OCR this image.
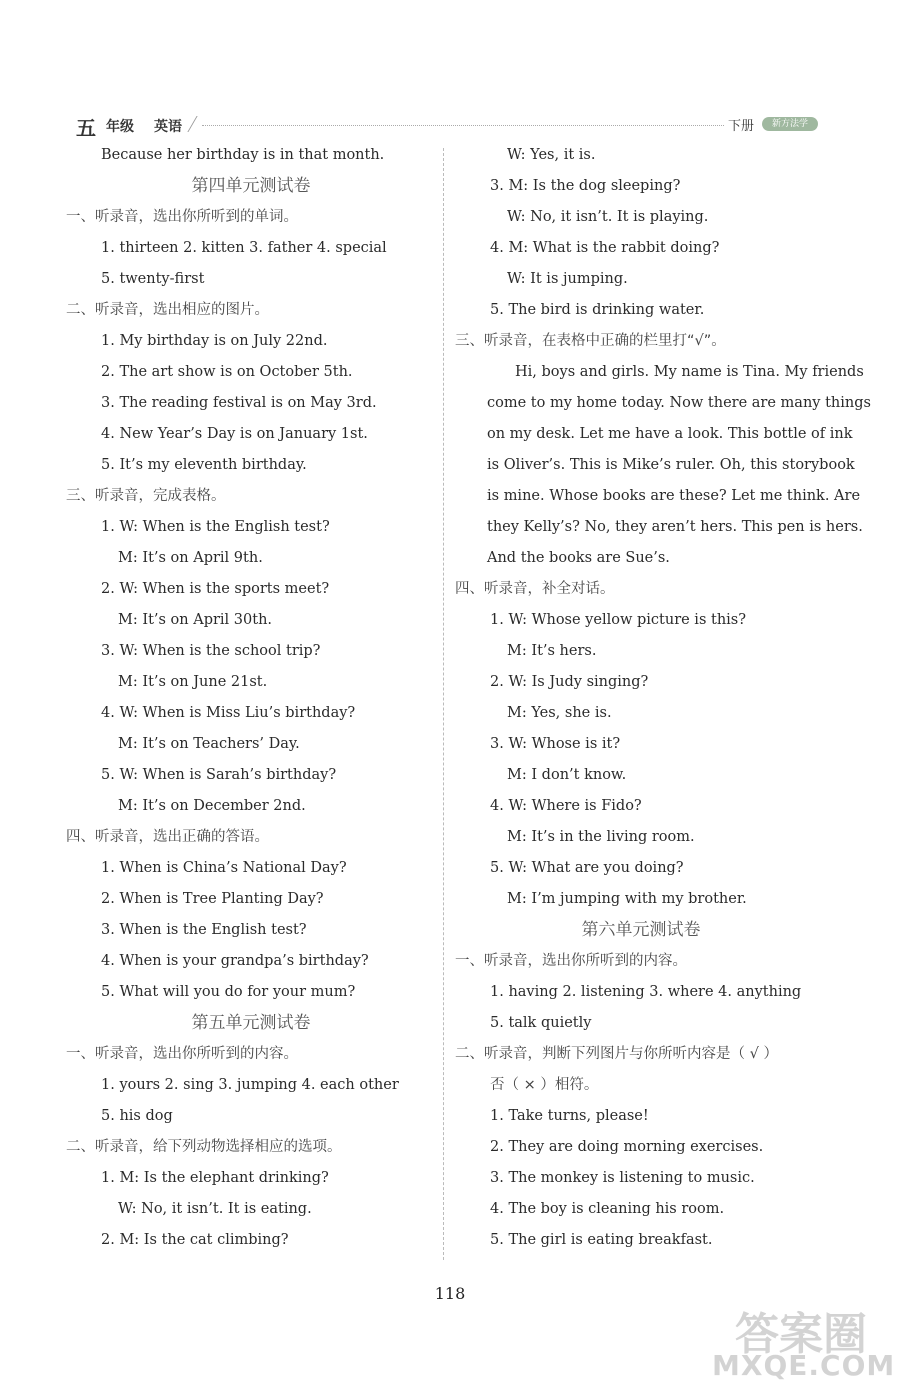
五 年级 英语	下册	新方法学
Because her birthday is in that month.
第四单元测试卷
一、听录音，选出你所听到的单词。
1. thirteen 2. kitten 3. father 4. special
5. twenty-first
二、听录音，选出相应的图片。
1. My birthday is on July 22nd.
2. The art show is on October 5th.
3. The reading festival is on May 3rd.
4. New Year’s Day is on January 1st.
5. It’s my eleventh birthday.
三、听录音，完成表格。
1. W: When is the English test?
M: It’s on April 9th.
2. W: When is the sports meet?
M: It’s on April 30th.
3. W: When is the school trip?
M: It’s on June 21st.
4. W: When is Miss Liu’s birthday?
M: It’s on Teachers’ Day.
5. W: When is Sarah’s birthday?
M: It’s on December 2nd.
四、听录音，选出正确的答语。
1. When is China’s National Day?
2. When is Tree Planting Day?
3. When is the English test?
4. When is your grandpa’s birthday?
5. What will you do for your mum?
第五单元测试卷
一、听录音，选出你所听到的内容。
1. yours 2. sing 3. jumping 4. each other
5. his dog
二、听录音，给下列动物选择相应的选项。
1. M: Is the elephant drinking?
W: No, it isn’t. It is eating.
2. M: Is the cat climbing?
W: Yes, it is.
3. M: Is the dog sleeping?
W: No, it isn’t. It is playing.
4. M: What is the rabbit doing?
W: It is jumping.
5. The bird is drinking water.
三、听录音，在表格中正确的栏里打“√”。
Hi, boys and girls. My name is Tina. My friends
come to my home today. Now there are many things
on my desk. Let me have a look. This bottle of ink
is Oliver’s. This is Mike’s ruler. Oh, this storybook
is mine. Whose books are these? Let me think. Are
they Kelly’s? No, they aren’t hers. This pen is hers.
And the books are Sue’s.
四、听录音，补全对话。
1. W: Whose yellow picture is this?
M: It’s hers.
2. W: Is Judy singing?
M: Yes, she is.
3. W: Whose is it?
M: I don’t know.
4. W: Where is Fido?
M: It’s in the living room.
5. W: What are you doing?
M: I’m jumping with my brother.
第六单元测试卷
一、听录音，选出你所听到的内容。
1. having 2. listening 3. where 4. anything
5. talk quietly
二、听录音，判断下列图片与你所听内容是（ √ ）
否（ × ）相符。
1. Take turns, please!
2. They are doing morning exercises.
3. The monkey is listening to music.
4. The boy is cleaning his room.
5. The girl is eating breakfast.
118
答案圈
MXQE.COM
